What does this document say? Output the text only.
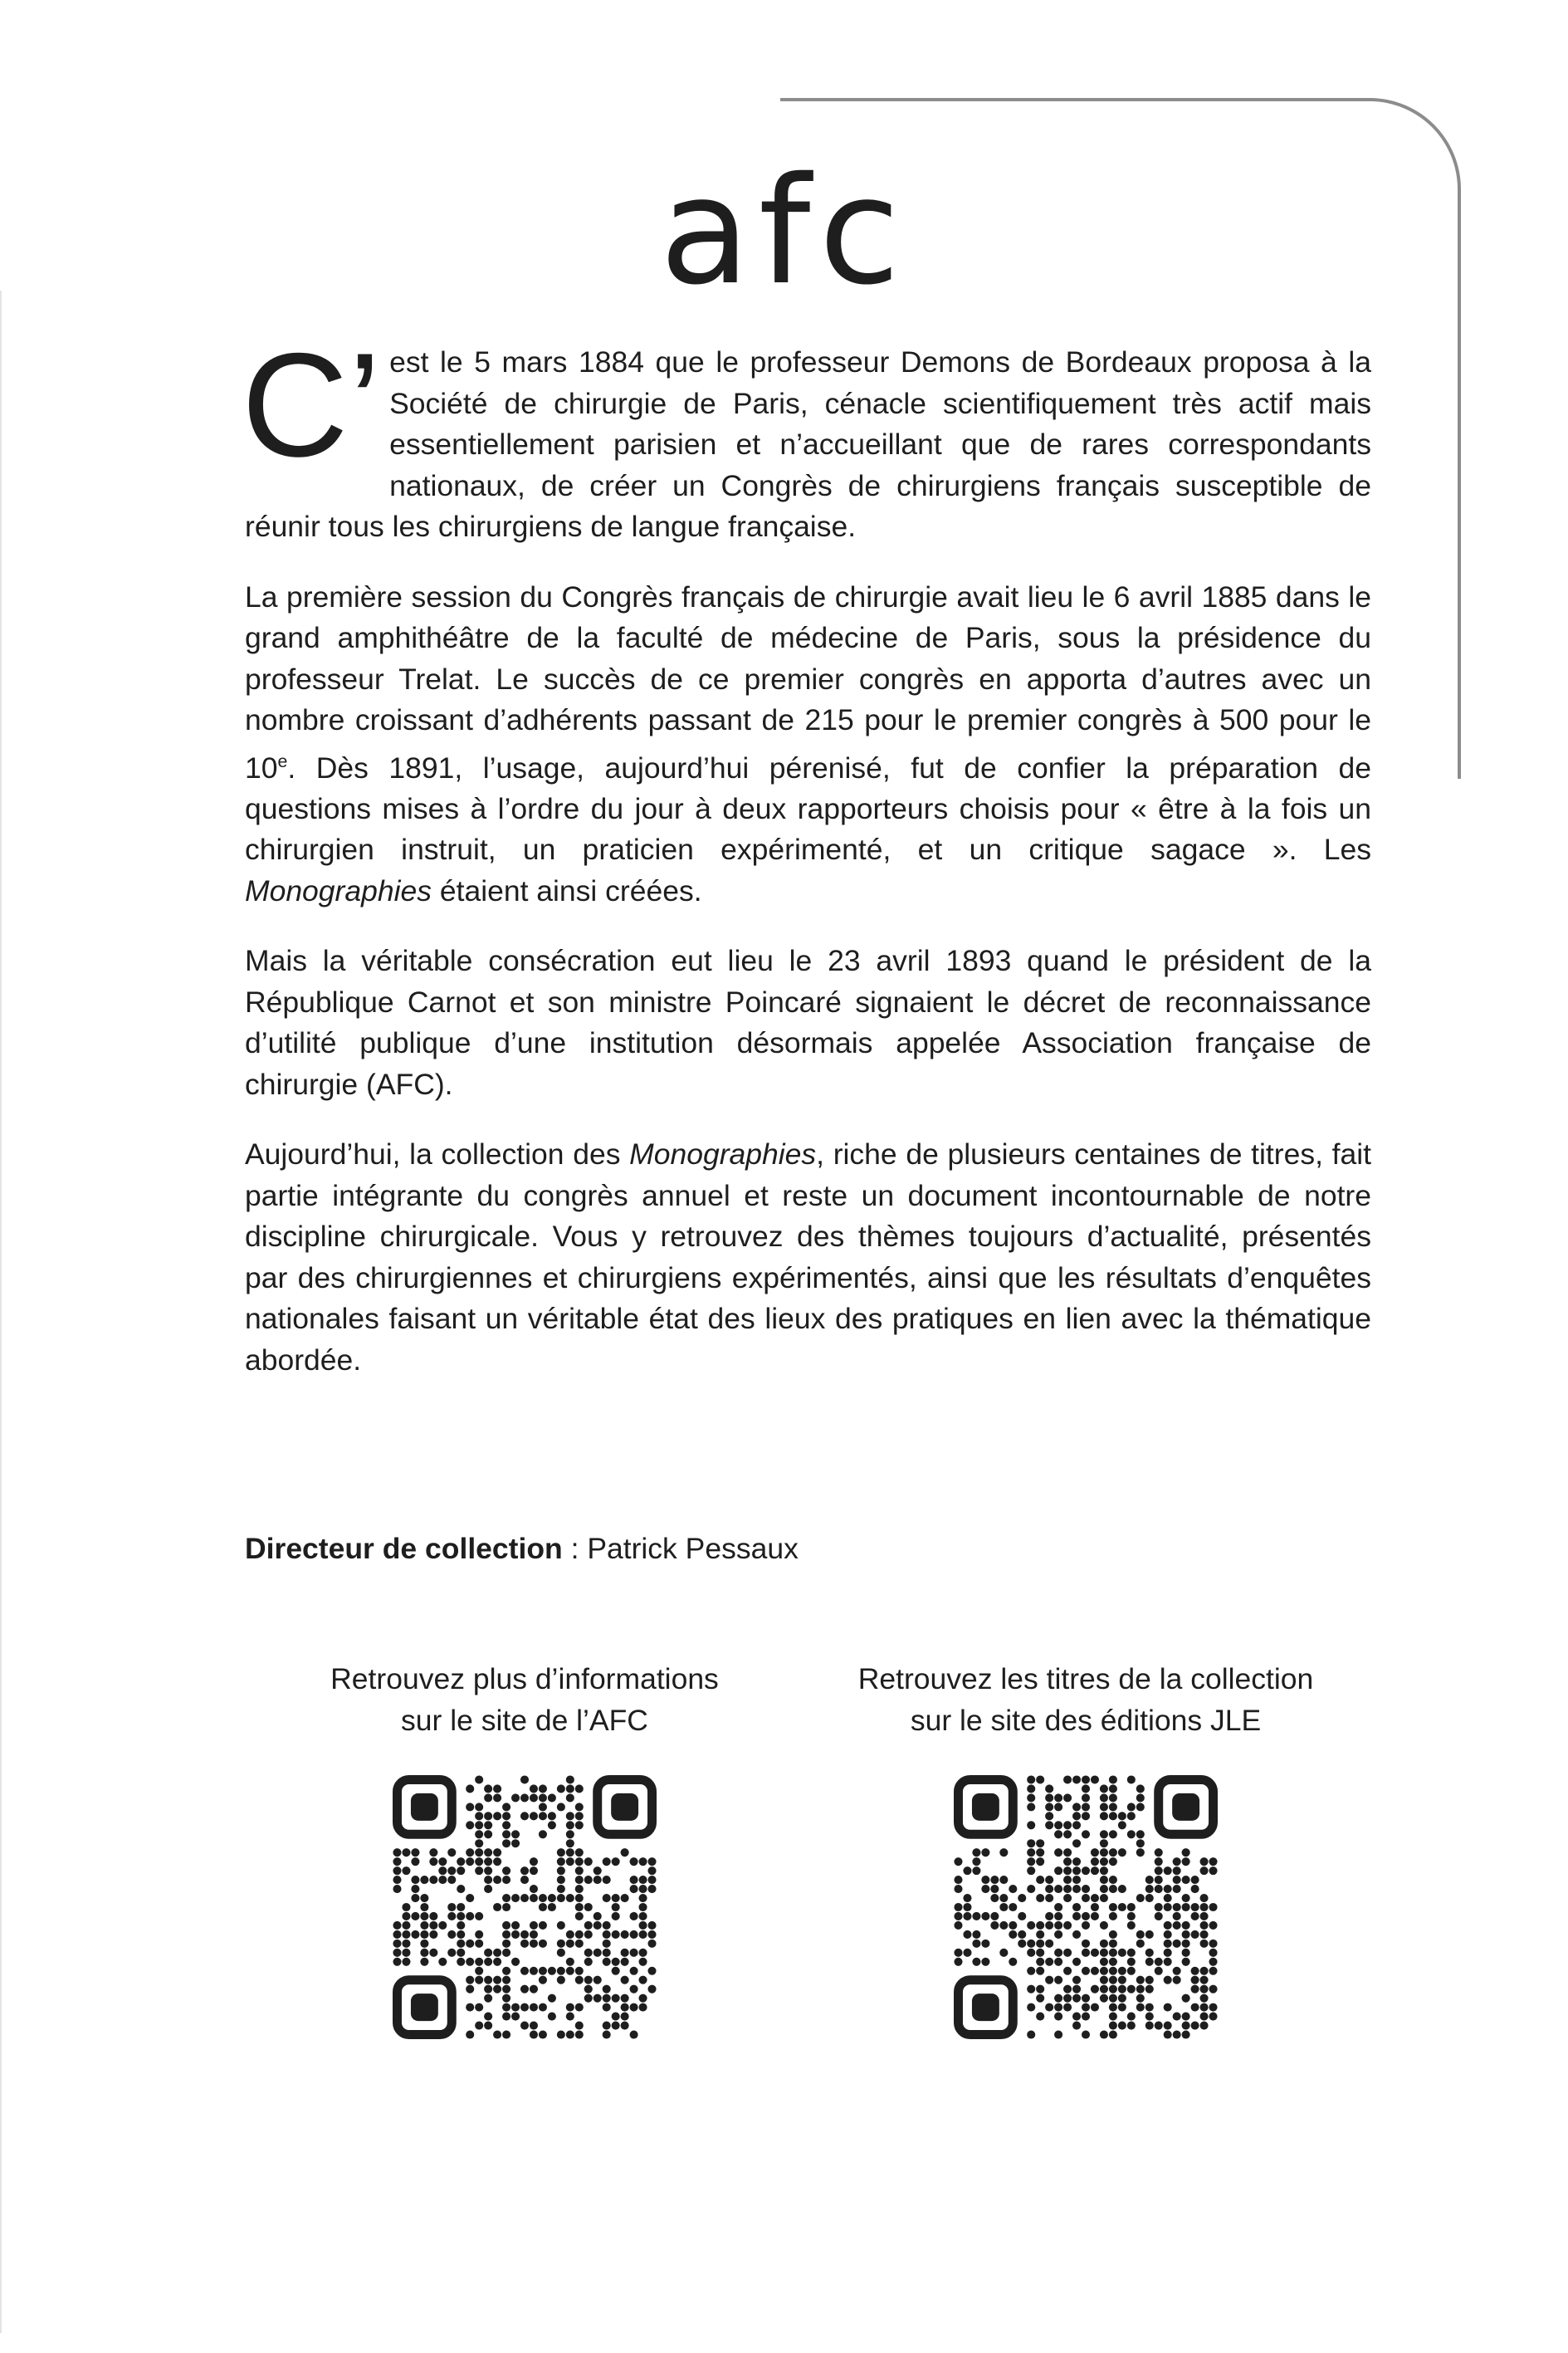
afc

C’ est le 5 mars 1884 que le professeur Demons de Bordeaux proposa à la Société de chirurgie de Paris, cénacle scientifiquement très actif mais essentiellement parisien et n’accueillant que de rares correspondants nationaux, de créer un Congrès de chirurgiens français susceptible de réunir tous les chirurgiens de langue française.

La première session du Congrès français de chirurgie avait lieu le 6 avril 1885 dans le grand amphithéâtre de la faculté de médecine de Paris, sous la présidence du professeur Trelat. Le succès de ce premier congrès en apporta d’autres avec un nombre croissant d’adhérents passant de 215 pour le premier congrès à 500 pour le 10e. Dès 1891, l’usage, aujourd’hui pérenisé, fut de confier la préparation de questions mises à l’ordre du jour à deux rapporteurs choisis pour « être à la fois un chirurgien instruit, un praticien expérimenté, et un critique sagace ». Les Monographies étaient ainsi créées.

Mais la véritable consécration eut lieu le 23 avril 1893 quand le président de la République Carnot et son ministre Poincaré signaient le décret de reconnaissance d’utilité publique d’une institution désormais appelée Association française de chirurgie (AFC).

Aujourd’hui, la collection des Monographies, riche de plusieurs centaines de titres, fait partie intégrante du congrès annuel et reste un document incontournable de notre discipline chirurgicale. Vous y retrouvez des thèmes toujours d’actualité, présentés par des chirurgiennes et chirurgiens expérimentés, ainsi que les résultats d’enquêtes nationales faisant un véritable état des lieux des pratiques en lien avec la thématique abordée.

Directeur de collection : Patrick Pessaux

Retrouvez plus d’informations

sur le site de l’AFC

Retrouvez les titres de la collection

sur le site des éditions JLE
